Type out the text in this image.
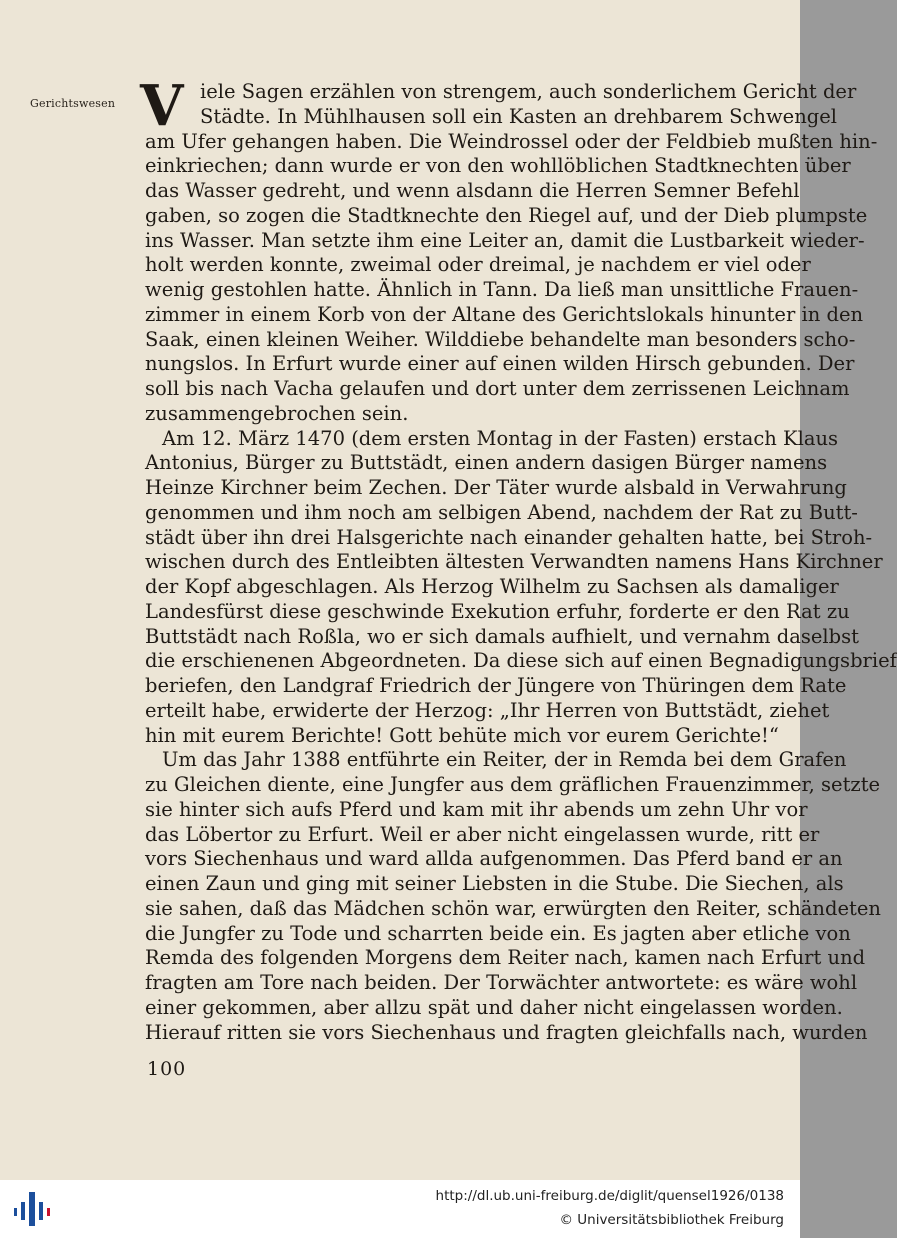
Gerichtswesen V iele Sagen erzählen von strengem, auch sonderlichem Gericht der
Städte. In Mühlhausen soll ein Kasten an drehbarem Schwengel
am Ufer gehangen haben. Die Weindrossel oder der Feldbieb mußten hin-
einkriechen; dann wurde er von den wohllöblichen Stadtknechten über
das Wasser gedreht, und wenn alsdann die Herren Semner Befehl
gaben, so zogen die Stadtknechte den Riegel auf, und der Dieb plumpste
ins Wasser. Man setzte ihm eine Leiter an, damit die Lustbarkeit wieder-
holt werden konnte, zweimal oder dreimal, je nachdem er viel oder
wenig gestohlen hatte. Ähnlich in Tann. Da ließ man unsittliche Frauen-
zimmer in einem Korb von der Altane des Gerichtslokals hinunter in den
Saak, einen kleinen Weiher. Wilddiebe behandelte man besonders scho-
nungslos. In Erfurt wurde einer auf einen wilden Hirsch gebunden. Der
soll bis nach Vacha gelaufen und dort unter dem zerrissenen Leichnam
zusammengebrochen sein.
Am 12. März 1470 (dem ersten Montag in der Fasten) erstach Klaus
Antonius, Bürger zu Buttstädt, einen andern dasigen Bürger namens
Heinze Kirchner beim Zechen. Der Täter wurde alsbald in Verwahrung
genommen und ihm noch am selbigen Abend, nachdem der Rat zu Butt-
städt über ihn drei Halsgerichte nach einander gehalten hatte, bei Stroh-
wischen durch des Entleibten ältesten Verwandten namens Hans Kirchner
der Kopf abgeschlagen. Als Herzog Wilhelm zu Sachsen als damaliger
Landesfürst diese geschwinde Exekution erfuhr, forderte er den Rat zu
Buttstädt nach Roßla, wo er sich damals aufhielt, und vernahm daselbst
die erschienenen Abgeordneten. Da diese sich auf einen Begnadigungsbrief
beriefen, den Landgraf Friedrich der Jüngere von Thüringen dem Rate
erteilt habe, erwiderte der Herzog: „Ihr Herren von Buttstädt, ziehet
hin mit eurem Berichte! Gott behüte mich vor eurem Gerichte!“
Um das Jahr 1388 entführte ein Reiter, der in Remda bei dem Grafen
zu Gleichen diente, eine Jungfer aus dem gräflichen Frauenzimmer, setzte
sie hinter sich aufs Pferd und kam mit ihr abends um zehn Uhr vor
das Löbertor zu Erfurt. Weil er aber nicht eingelassen wurde, ritt er
vors Siechenhaus und ward allda aufgenommen. Das Pferd band er an
einen Zaun und ging mit seiner Liebsten in die Stube. Die Siechen, als
sie sahen, daß das Mädchen schön war, erwürgten den Reiter, schändeten
die Jungfer zu Tode und scharrten beide ein. Es jagten aber etliche von
Remda des folgenden Morgens dem Reiter nach, kamen nach Erfurt und
fragten am Tore nach beiden. Der Torwächter antwortete: es wäre wohl
einer gekommen, aber allzu spät und daher nicht eingelassen worden.
Hierauf ritten sie vors Siechenhaus und fragten gleichfalls nach, wurden
100
http://dl.ub.uni-freiburg.de/diglit/quensel1926/0138
© Universitätsbibliothek Freiburg
